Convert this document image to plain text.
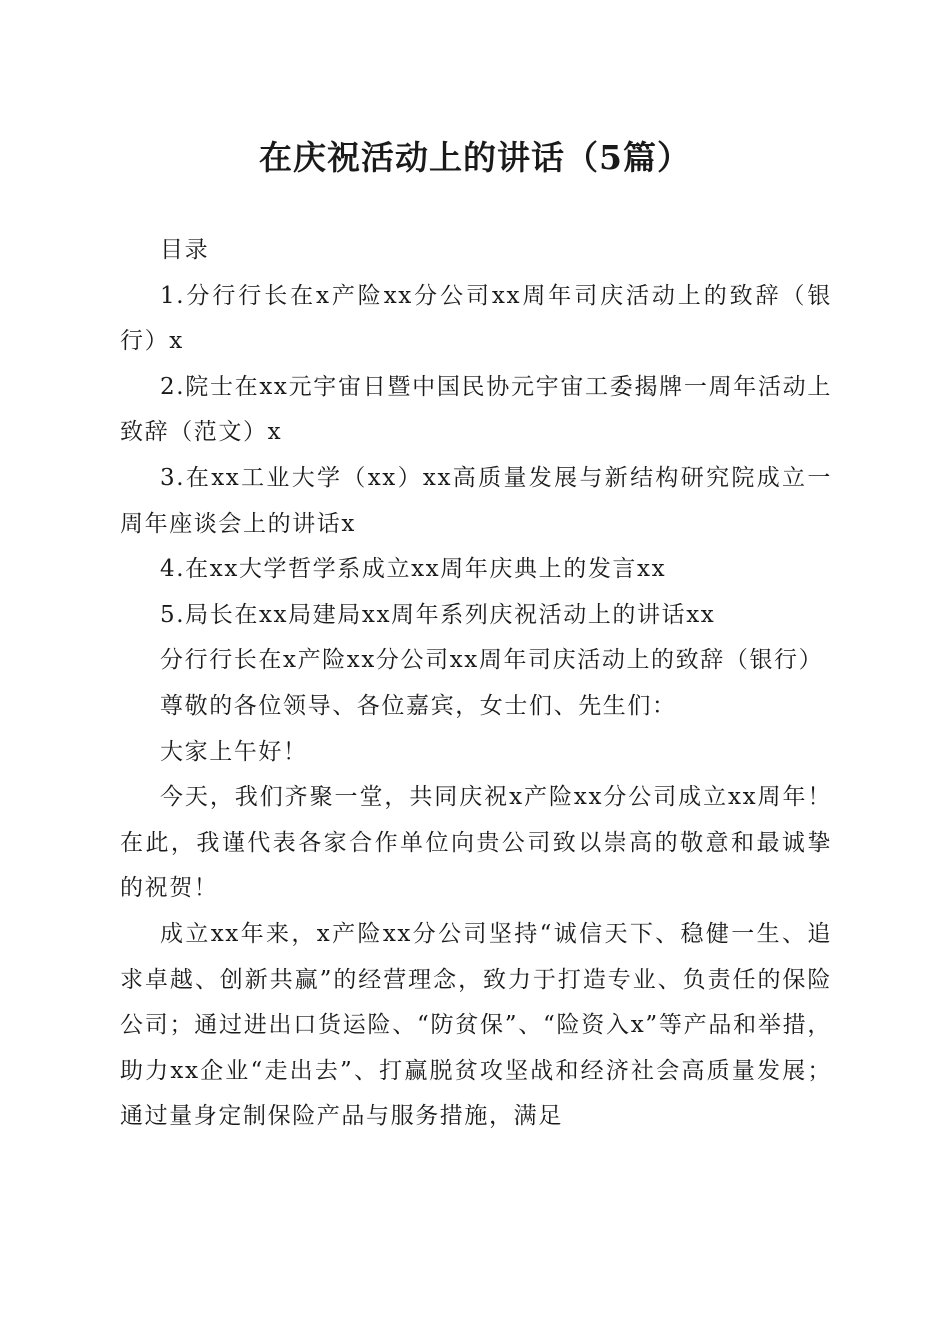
在庆祝活动上的讲话（5篇）

目录

1.分行行长在x产险xx分公司xx周年司庆活动上的致辞（银行）x

2.院士在xx元宇宙日暨中国民协元宇宙工委揭牌一周年活动上致辞（范文）x

3.在xx工业大学（xx）xx高质量发展与新结构研究院成立一周年座谈会上的讲话x

4.在xx大学哲学系成立xx周年庆典上的发言xx

5.局长在xx局建局xx周年系列庆祝活动上的讲话xx

分行行长在x产险xx分公司xx周年司庆活动上的致辞（银行）

尊敬的各位领导、各位嘉宾，女士们、先生们：

大家上午好！

今天，我们齐聚一堂，共同庆祝x产险xx分公司成立xx周年！在此，我谨代表各家合作单位向贵公司致以崇高的敬意和最诚挚的祝贺！

成立xx年来，x产险xx分公司坚持“诚信天下、稳健一生、追求卓越、创新共赢”的经营理念，致力于打造专业、负责任的保险公司；通过进出口货运险、“防贫保”、“险资入x”等产品和举措，助力xx企业“走出去”、打赢脱贫攻坚战和经济社会高质量发展；通过量身定制保险产品与服务措施，满足
